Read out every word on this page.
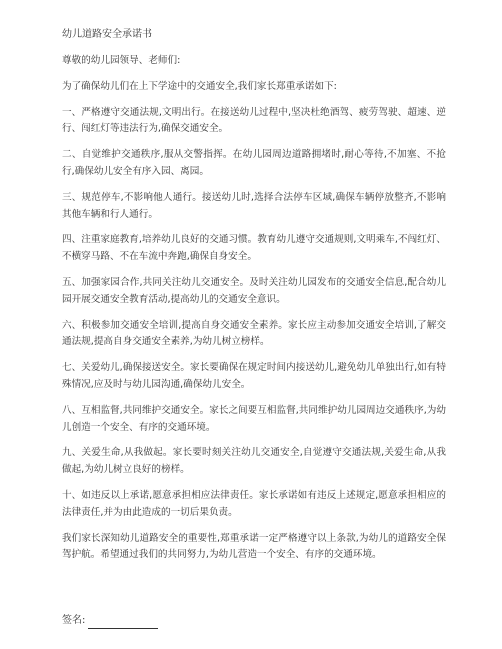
幼儿道路安全承诺书
尊敬的幼儿园领导、老师们:
为了确保幼儿们在上下学途中的交通安全,我们家长郑重承诺如下:
一、严格遵守交通法规,文明出行。在接送幼儿过程中,坚决杜绝酒驾、疲劳驾驶、超速、逆行、闯红灯等违法行为,确保交通安全。
二、自觉维护交通秩序,服从交警指挥。在幼儿园周边道路拥堵时,耐心等待,不加塞、不抢行,确保幼儿安全有序入园、离园。
三、规范停车,不影响他人通行。接送幼儿时,选择合法停车区域,确保车辆停放整齐,不影响其他车辆和行人通行。
四、注重家庭教育,培养幼儿良好的交通习惯。教育幼儿遵守交通规则,文明乘车,不闯红灯、不横穿马路、不在车流中奔跑,确保自身安全。
五、加强家园合作,共同关注幼儿交通安全。及时关注幼儿园发布的交通安全信息,配合幼儿园开展交通安全教育活动,提高幼儿的交通安全意识。
六、积极参加交通安全培训,提高自身交通安全素养。家长应主动参加交通安全培训,了解交通法规,提高自身交通安全素养,为幼儿树立榜样。
七、关爱幼儿,确保接送安全。家长要确保在规定时间内接送幼儿,避免幼儿单独出行,如有特殊情况,应及时与幼儿园沟通,确保幼儿安全。
八、互相监督,共同维护交通安全。家长之间要互相监督,共同维护幼儿园周边交通秩序,为幼儿创造一个安全、有序的交通环境。
九、关爱生命,从我做起。家长要时刻关注幼儿交通安全,自觉遵守交通法规,关爱生命,从我做起,为幼儿树立良好的榜样。
十、如违反以上承诺,愿意承担相应法律责任。家长承诺如有违反上述规定,愿意承担相应的法律责任,并为由此造成的一切后果负责。
我们家长深知幼儿道路安全的重要性,郑重承诺一定严格遵守以上条款,为幼儿的道路安全保驾护航。希望通过我们的共同努力,为幼儿营造一个安全、有序的交通环境。
签名:
